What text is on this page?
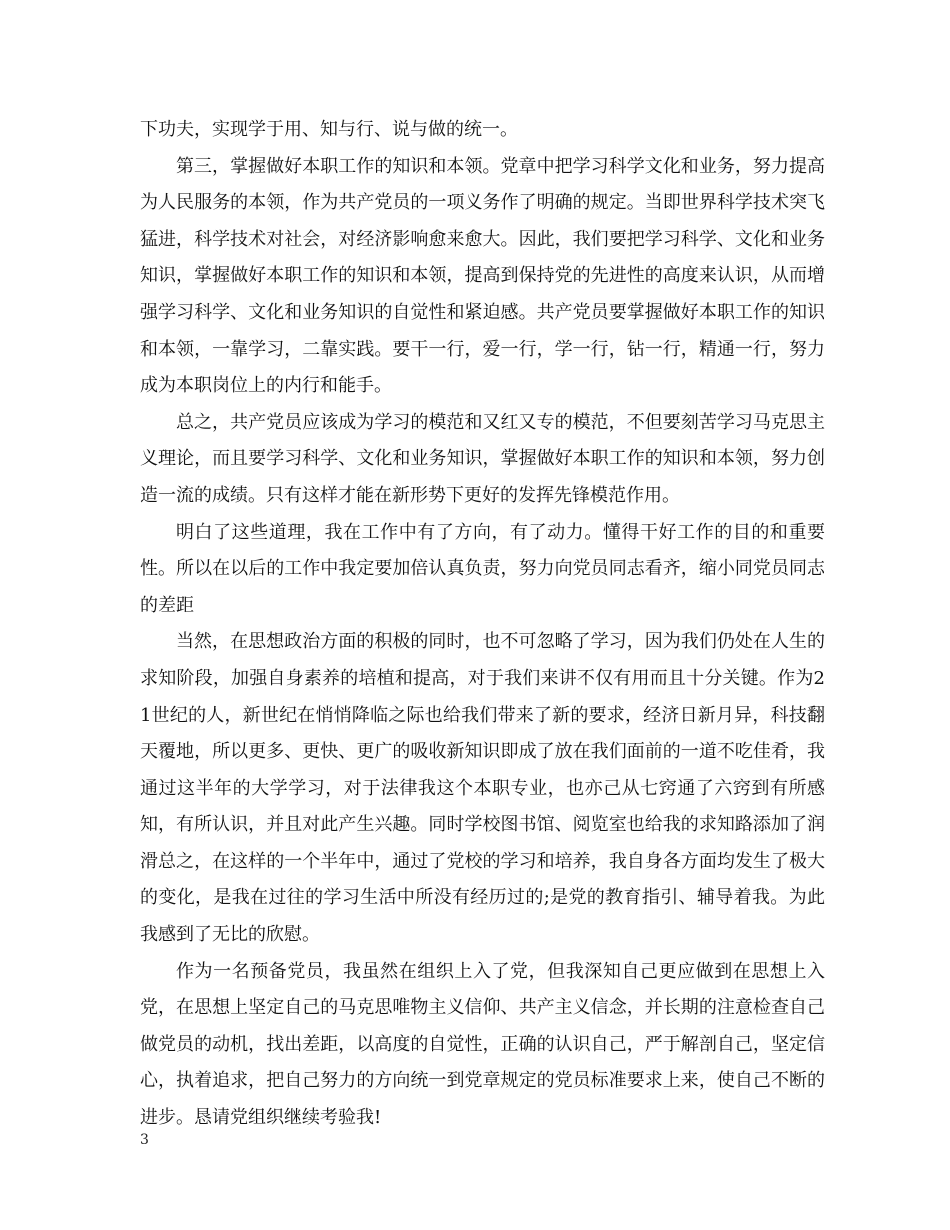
下功夫，实现学于用、知与行、说与做的统一。

第三，掌握做好本职工作的知识和本领。党章中把学习科学文化和业务，努力提高为人民服务的本领，作为共产党员的一项义务作了明确的规定。当即世界科学技术突飞猛进，科学技术对社会，对经济影响愈来愈大。因此，我们要把学习科学、文化和业务知识，掌握做好本职工作的知识和本领，提高到保持党的先进性的高度来认识，从而增强学习科学、文化和业务知识的自觉性和紧迫感。共产党员要掌握做好本职工作的知识和本领，一靠学习，二靠实践。要干一行，爱一行，学一行，钻一行，精通一行，努力成为本职岗位上的内行和能手。

总之，共产党员应该成为学习的模范和又红又专的模范，不但要刻苦学习马克思主义理论，而且要学习科学、文化和业务知识，掌握做好本职工作的知识和本领，努力创造一流的成绩。只有这样才能在新形势下更好的发挥先锋模范作用。

明白了这些道理，我在工作中有了方向，有了动力。懂得干好工作的目的和重要性。所以在以后的工作中我定要加倍认真负责，努力向党员同志看齐，缩小同党员同志的差距

当然，在思想政治方面的积极的同时，也不可忽略了学习，因为我们仍处在人生的求知阶段，加强自身素养的培植和提高，对于我们来讲不仅有用而且十分关键。作为21世纪的人，新世纪在悄悄降临之际也给我们带来了新的要求，经济日新月异，科技翻天覆地，所以更多、更快、更广的吸收新知识即成了放在我们面前的一道不吃佳肴，我通过这半年的大学学习，对于法律我这个本职专业，也亦己从七窍通了六窍到有所感知，有所认识，并且对此产生兴趣。同时学校图书馆、阅览室也给我的求知路添加了润滑总之，在这样的一个半年中，通过了党校的学习和培养，我自身各方面均发生了极大的变化，是我在过往的学习生活中所没有经历过的;是党的教育指引、辅导着我。为此我感到了无比的欣慰。

作为一名预备党员，我虽然在组织上入了党，但我深知自己更应做到在思想上入党，在思想上坚定自己的马克思唯物主义信仰、共产主义信念，并长期的注意检查自己做党员的动机，找出差距，以高度的自觉性，正确的认识自己，严于解剖自己，坚定信心，执着追求，把自己努力的方向统一到党章规定的党员标准要求上来，使自己不断的进步。恳请党组织继续考验我!

3
